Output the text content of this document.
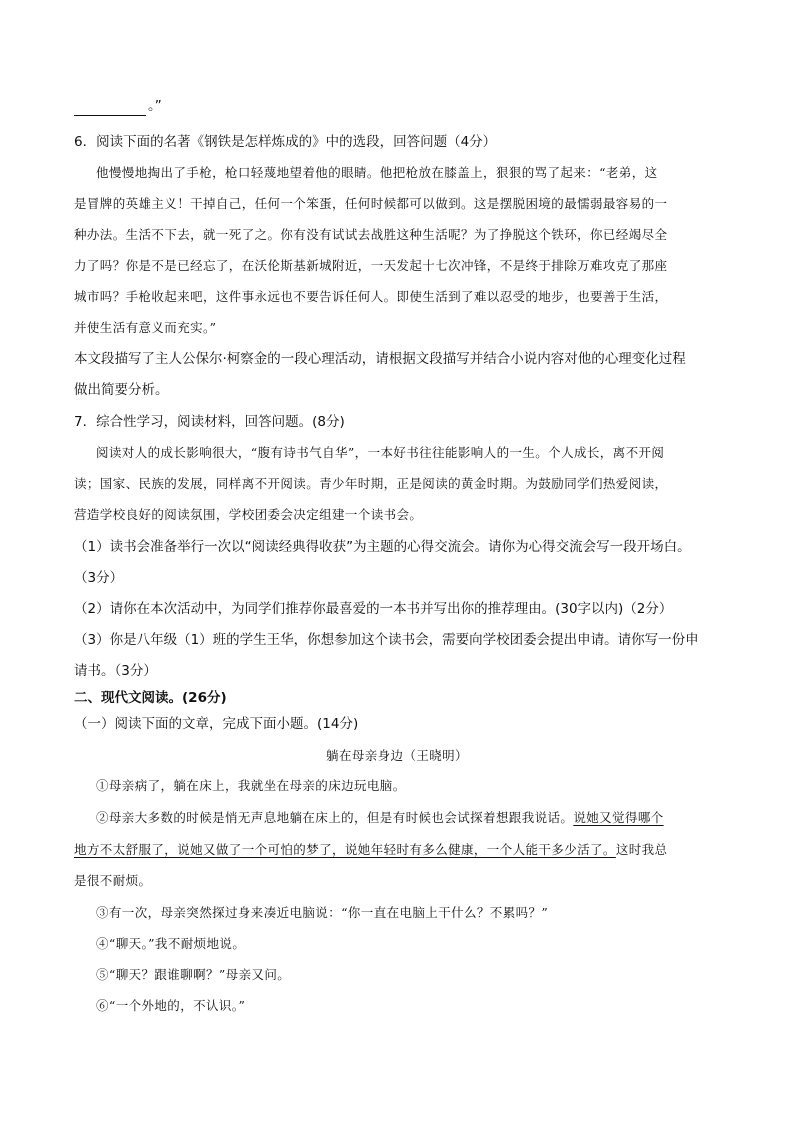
。”
6．阅读下面的名著《钢铁是怎样炼成的》中的选段，回答问题（4分）
他慢慢地掏出了手枪，枪口轻蔑地望着他的眼睛。他把枪放在膝盖上，狠狠的骂了起来：“老弟，这
是冒牌的英雄主义！干掉自己，任何一个笨蛋，任何时候都可以做到。这是摆脱困境的最懦弱最容易的一
种办法。生活不下去，就一死了之。你有没有试试去战胜这种生活呢？为了挣脱这个铁环，你已经竭尽全
力了吗？你是不是已经忘了，在沃伦斯基新城附近，一天发起十七次冲锋，不是终于排除万难攻克了那座
城市吗？手枪收起来吧，这件事永远也不要告诉任何人。即使生活到了难以忍受的地步，也要善于生活，
并使生活有意义而充实。”
本文段描写了主人公保尔·柯察金的一段心理活动，请根据文段描写并结合小说内容对他的心理变化过程
做出简要分析。
7．综合性学习，阅读材料，回答问题。(8分)
阅读对人的成长影响很大，“腹有诗书气自华”，一本好书往往能影响人的一生。个人成长，离不开阅
读；国家、民族的发展，同样离不开阅读。青少年时期，正是阅读的黄金时期。为鼓励同学们热爱阅读，
营造学校良好的阅读氛围，学校团委会决定组建一个读书会。
（1）读书会准备举行一次以“阅读经典得收获”为主题的心得交流会。请你为心得交流会写一段开场白。
（3分）
（2）请你在本次活动中，为同学们推荐你最喜爱的一本书并写出你的推荐理由。(30字以内)（2分）
（3）你是八年级（1）班的学生王华，你想参加这个读书会，需要向学校团委会提出申请。请你写一份申
请书。（3分）
二、现代文阅读。(26分)
（一）阅读下面的文章，完成下面小题。(14分)
躺在母亲身边（王晓明）
①母亲病了，躺在床上，我就坐在母亲的床边玩电脑。
②母亲大多数的时候是悄无声息地躺在床上的，但是有时候也会试探着想跟我说话。说她又觉得哪个
地方不太舒服了，说她又做了一个可怕的梦了，说她年轻时有多么健康，一个人能干多少活了。这时我总
是很不耐烦。
③有一次，母亲突然探过身来凑近电脑说：“你一直在电脑上干什么？不累吗？”
④“聊天。”我不耐烦地说。
⑤“聊天？跟谁聊啊？”母亲又问。
⑥“一个外地的，不认识。”
